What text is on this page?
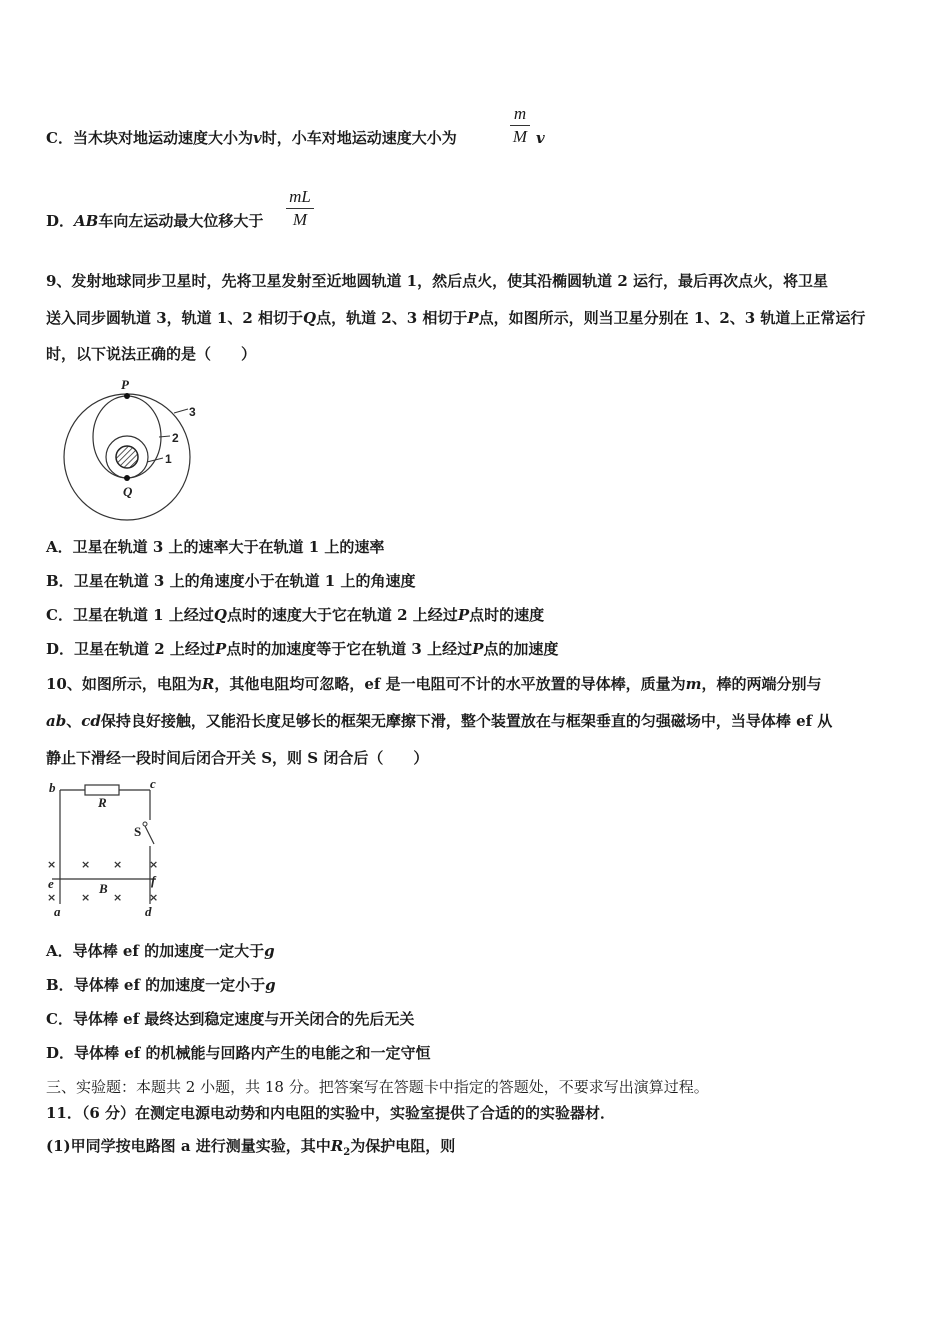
C．当木块对地运动速度大小为v时，小车对地运动速度大小为
m
M v
D．AB车向左运动最大位移大于
mL
M
9、发射地球同步卫星时，先将卫星发射至近地圆轨道 1，然后点火，使其沿椭圆轨道 2 运行，最后再次点火，将卫星
送入同步圆轨道 3，轨道 1、2 相切于Q点，轨道 2、3 相切于P点，如图所示，则当卫星分别在 1、2、3 轨道上正常运行
时，以下说法正确的是（　　）
P
Q
3
2
1
A．卫星在轨道 3 上的速率大于在轨道 1 上的速率
B．卫星在轨道 3 上的角速度小于在轨道 1 上的角速度
C．卫星在轨道 1 上经过Q点时的速度大于它在轨道 2 上经过P点时的速度
D．卫星在轨道 2 上经过P点时的加速度等于它在轨道 3 上经过P点的加速度
10、如图所示，电阻为R，其他电阻均可忽略，ef 是一电阻可不计的水平放置的导体棒，质量为m，棒的两端分别与
ab、cd保持良好接触，又能沿长度足够长的框架无摩擦下滑，整个装置放在与框架垂直的匀强磁场中，当导体棒 ef 从
静止下滑经一段时间后闭合开关 S，则 S 闭合后（　　）
b	c
R
B
e	f
a	d
S
× × × ×
× × × ×
A．导体棒 ef 的加速度一定大于g
B．导体棒 ef 的加速度一定小于g
C．导体棒 ef 最终达到稳定速度与开关闭合的先后无关
D．导体棒 ef 的机械能与回路内产生的电能之和一定守恒
三、实验题：本题共 2 小题，共 18 分。把答案写在答题卡中指定的答题处，不要求写出演算过程。
11．（6 分）在测定电源电动势和内电阻的实验中，实验室提供了合适的的实验器材．
(1)甲同学按电路图 a 进行测量实验，其中$R_2$为保护电阻，则
